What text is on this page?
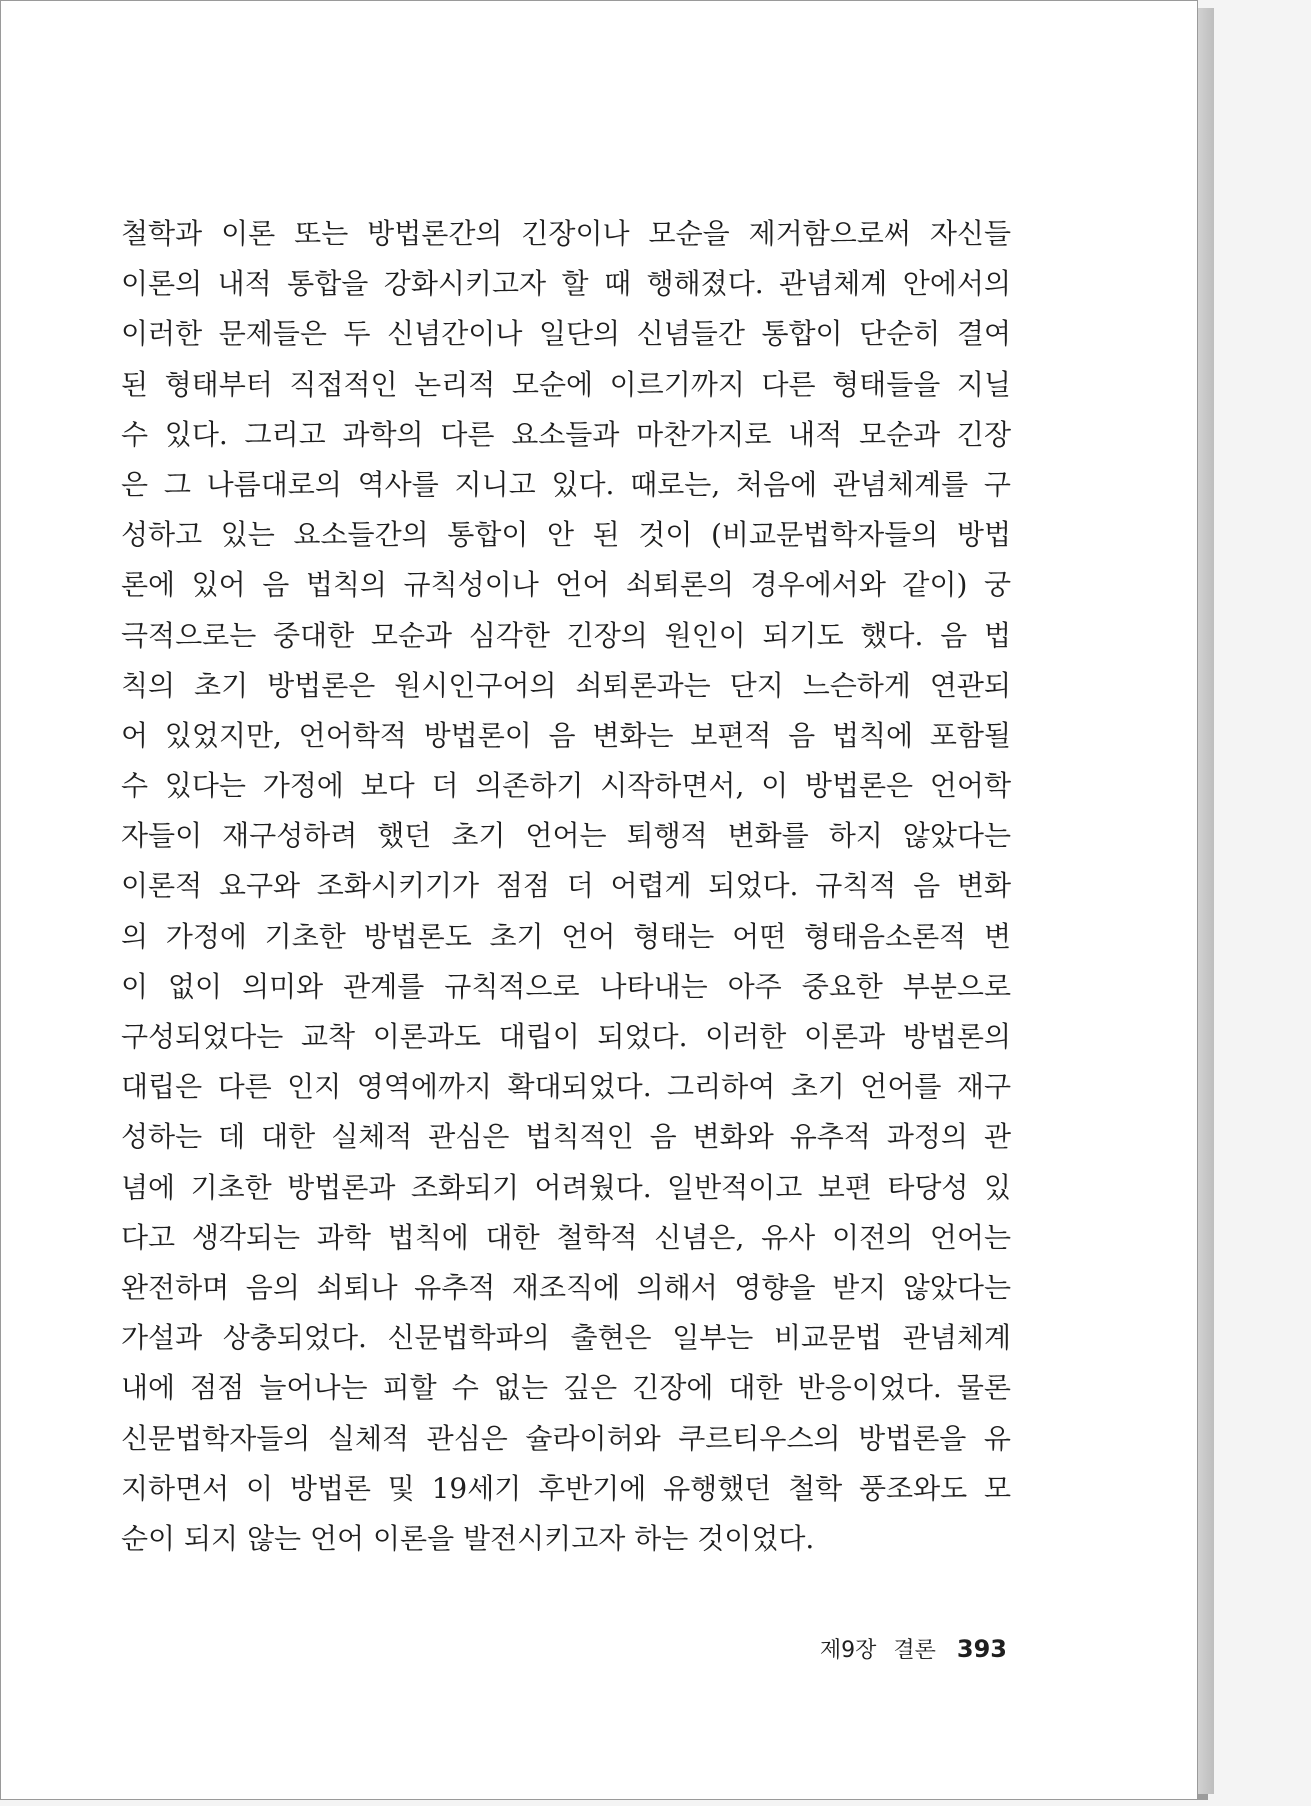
철학과 이론 또는 방법론간의 긴장이나 모순을 제거함으로써 자신들
이론의 내적 통합을 강화시키고자 할 때 행해졌다. 관념체계 안에서의
이러한 문제들은 두 신념간이나 일단의 신념들간 통합이 단순히 결여
된 형태부터 직접적인 논리적 모순에 이르기까지 다른 형태들을 지닐
수 있다. 그리고 과학의 다른 요소들과 마찬가지로 내적 모순과 긴장
은 그 나름대로의 역사를 지니고 있다. 때로는, 처음에 관념체계를 구
성하고 있는 요소들간의 통합이 안 된 것이 (비교문법학자들의 방법
론에 있어 음 법칙의 규칙성이나 언어 쇠퇴론의 경우에서와 같이) 궁
극적으로는 중대한 모순과 심각한 긴장의 원인이 되기도 했다. 음 법
칙의 초기 방법론은 원시인구어의 쇠퇴론과는 단지 느슨하게 연관되
어 있었지만, 언어학적 방법론이 음 변화는 보편적 음 법칙에 포함될
수 있다는 가정에 보다 더 의존하기 시작하면서, 이 방법론은 언어학
자들이 재구성하려 했던 초기 언어는 퇴행적 변화를 하지 않았다는
이론적 요구와 조화시키기가 점점 더 어렵게 되었다. 규칙적 음 변화
의 가정에 기초한 방법론도 초기 언어 형태는 어떤 형태음소론적 변
이 없이 의미와 관계를 규칙적으로 나타내는 아주 중요한 부분으로
구성되었다는 교착 이론과도 대립이 되었다. 이러한 이론과 방법론의
대립은 다른 인지 영역에까지 확대되었다. 그리하여 초기 언어를 재구
성하는 데 대한 실체적 관심은 법칙적인 음 변화와 유추적 과정의 관
념에 기초한 방법론과 조화되기 어려웠다. 일반적이고 보편 타당성 있
다고 생각되는 과학 법칙에 대한 철학적 신념은, 유사 이전의 언어는
완전하며 음의 쇠퇴나 유추적 재조직에 의해서 영향을 받지 않았다는
가설과 상충되었다. 신문법학파의 출현은 일부는 비교문법 관념체계
내에 점점 늘어나는 피할 수 없는 깊은 긴장에 대한 반응이었다. 물론
신문법학자들의 실체적 관심은 슐라이허와 쿠르티우스의 방법론을 유
지하면서 이 방법론 및 19세기 후반기에 유행했던 철학 풍조와도 모
순이 되지 않는 언어 이론을 발전시키고자 하는 것이었다.
제9장 결론 393
